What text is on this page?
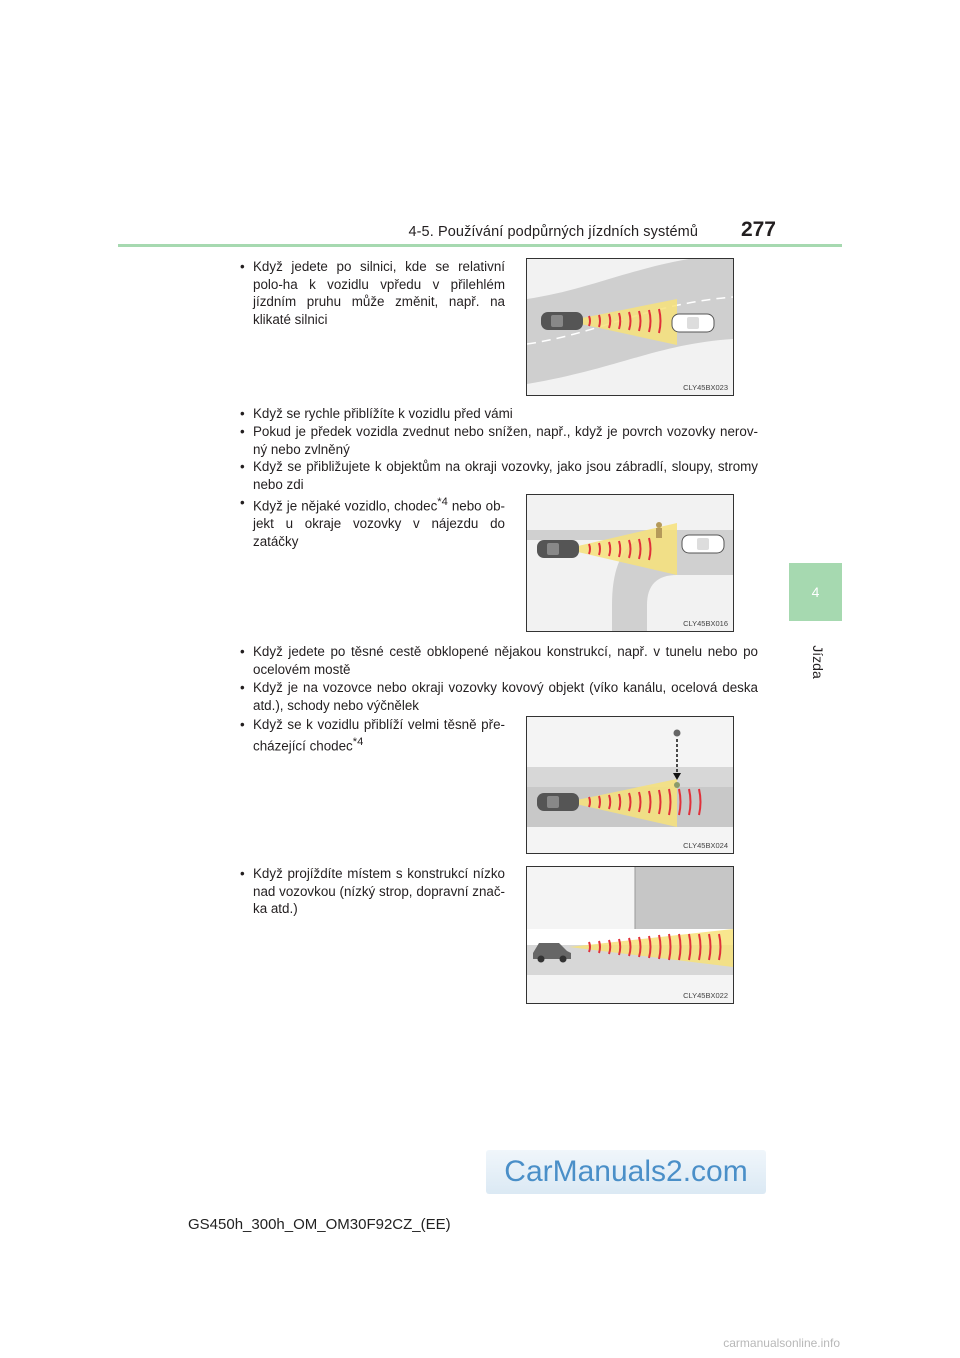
4-5. Používání podpůrných jízdních systémů	277
4
Jízda

• Když jedete po silnici, kde se relativní polo-ha k vozidlu vpředu v přilehlém jízdním pruhu může změnit, např. na klikaté silnici

• Když se rychle přiblížíte k vozidlu před vámi

• Pokud je předek vozidla zvednut nebo snížen, např., když je povrch vozovky nerov-ný nebo zvlněný

• Když se přibližujete k objektům na okraji vozovky, jako jsou zábradlí, sloupy, stromy nebo zdi

• Když je nějaké vozidlo, chodec$^{*4}$ nebo ob-jekt u okraje vozovky v nájezdu do zatáčky

• Když jedete po těsné cestě obklopené nějakou konstrukcí, např. v tunelu nebo po ocelovém mostě

• Když je na vozovce nebo okraji vozovky kovový objekt (víko kanálu, ocelová deska atd.), schody nebo výčnělek

• Když se k vozidlu přiblíží velmi těsně pře-cházející chodec$^{*4}$

• Když projíždíte místem s konstrukcí nízko nad vozovkou (nízký strop, dopravní znač-ka atd.)

CLY45BX023
CLY45BX016
CLY45BX024
CLY45BX022
GS450h_300h_OM_OM30F92CZ_(EE)
CarManuals2.com
carmanualsonline.info
